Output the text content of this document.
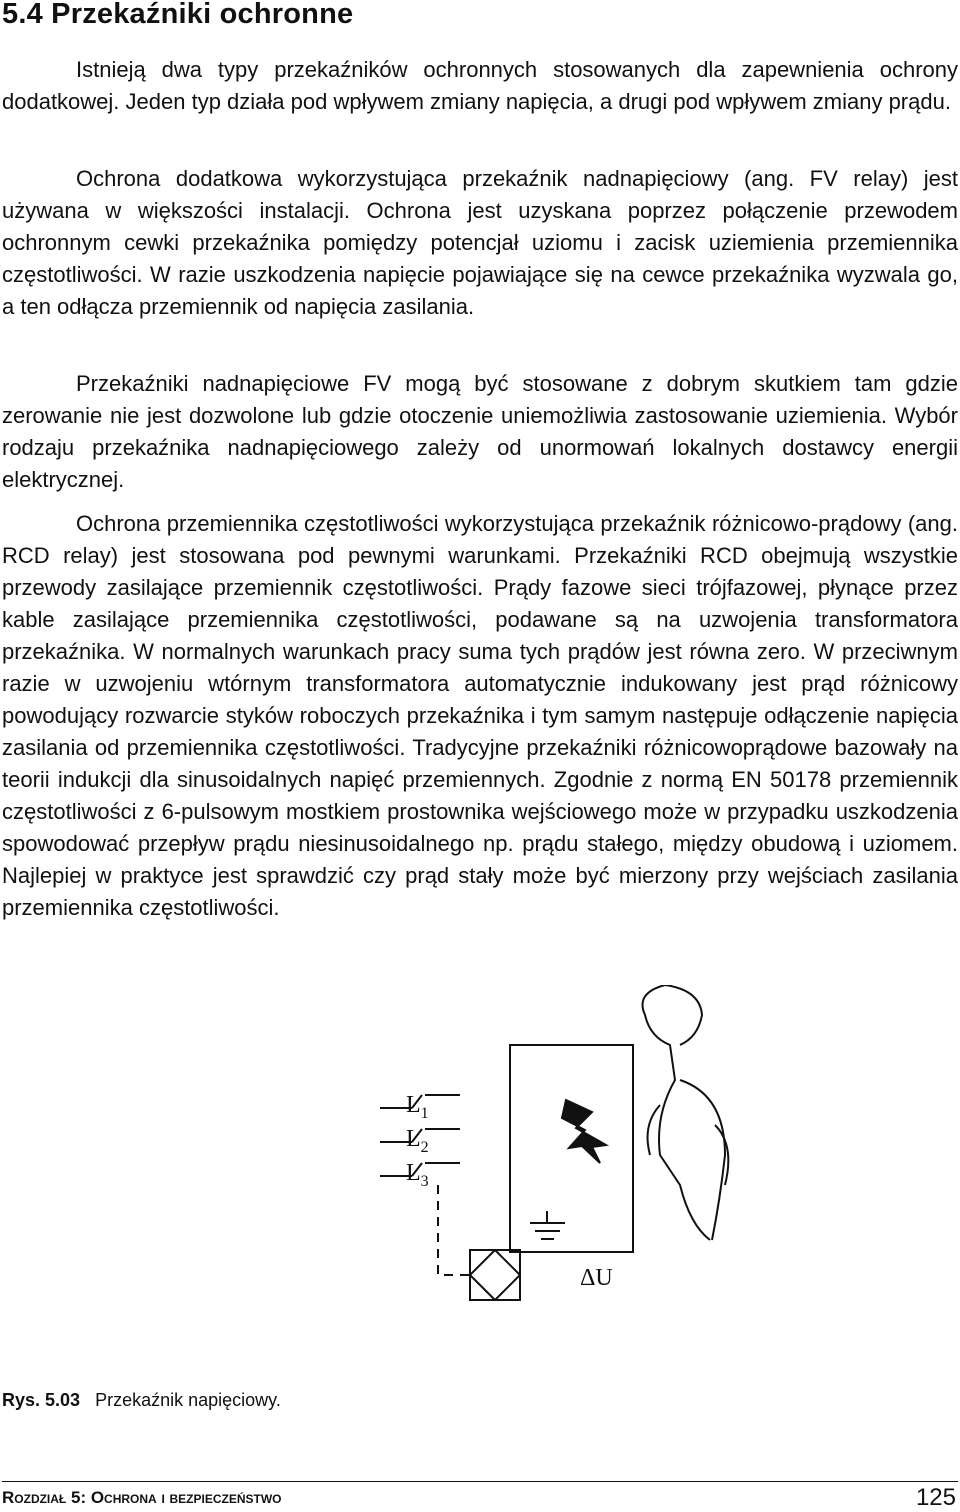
5.4 Przekaźniki ochronne

Istnieją dwa typy przekaźników ochronnych stosowanych dla zapewnienia ochrony dodatkowej. Jeden typ działa pod wpływem zmiany napięcia, a drugi pod wpływem zmiany prądu.

Ochrona dodatkowa wykorzystująca przekaźnik nadnapięciowy (ang. FV relay) jest używana w większości instalacji. Ochrona jest uzyskana poprzez połączenie przewodem ochronnym cewki przekaźnika pomiędzy potencjał uziomu i zacisk uziemienia przemiennika częstotliwości. W razie uszkodzenia napięcie pojawiające się na cewce przekaźnika wyzwala go, a ten odłącza przemiennik od napięcia zasilania.

Przekaźniki nadnapięciowe FV mogą być stosowane z dobrym skutkiem tam gdzie zerowanie nie jest dozwolone lub gdzie otoczenie uniemożliwia zastosowanie uziemienia. Wybór rodzaju przekaźnika nadnapięciowego zależy od unormowań lokalnych dostawcy energii elektrycznej.

Ochrona przemiennika częstotliwości wykorzystująca przekaźnik różnicowo-prądowy (ang. RCD relay) jest stosowana pod pewnymi warunkami. Przekaźniki RCD obejmują wszystkie przewody zasilające przemiennik częstotliwości. Prądy fazowe sieci trójfazowej, płynące przez kable zasilające przemiennika częstotliwości, podawane są na uzwojenia transformatora przekaźnika. W normalnych warunkach pracy suma tych prądów jest równa zero. W przeciwnym razie w uzwojeniu wtórnym transformatora automatycznie indukowany jest prąd różnicowy powodujący rozwarcie styków roboczych przekaźnika i tym samym następuje odłączenie napięcia zasilania od przemiennika częstotliwości. Tradycyjne przekaźniki różnicowoprądowe bazowały na teorii indukcji dla sinusoidalnych napięć przemiennych. Zgodnie z normą EN 50178 przemiennik częstotliwości z 6-pulsowym mostkiem prostownika wejściowego może w przypadku uszkodzenia spowodować przepływ prądu niesinusoidalnego np. prądu stałego, między obudową i uziomem. Najlepiej w praktyce jest sprawdzić czy prąd stały może być mierzony przy wejściach zasilania przemiennika częstotliwości.

$L_1$
$L_2$
$L_3$
ΔU
Rys. 5.03 Przekaźnik napięciowy.
Rozdział 5: Ochrona i bezpieczeństwo	125
